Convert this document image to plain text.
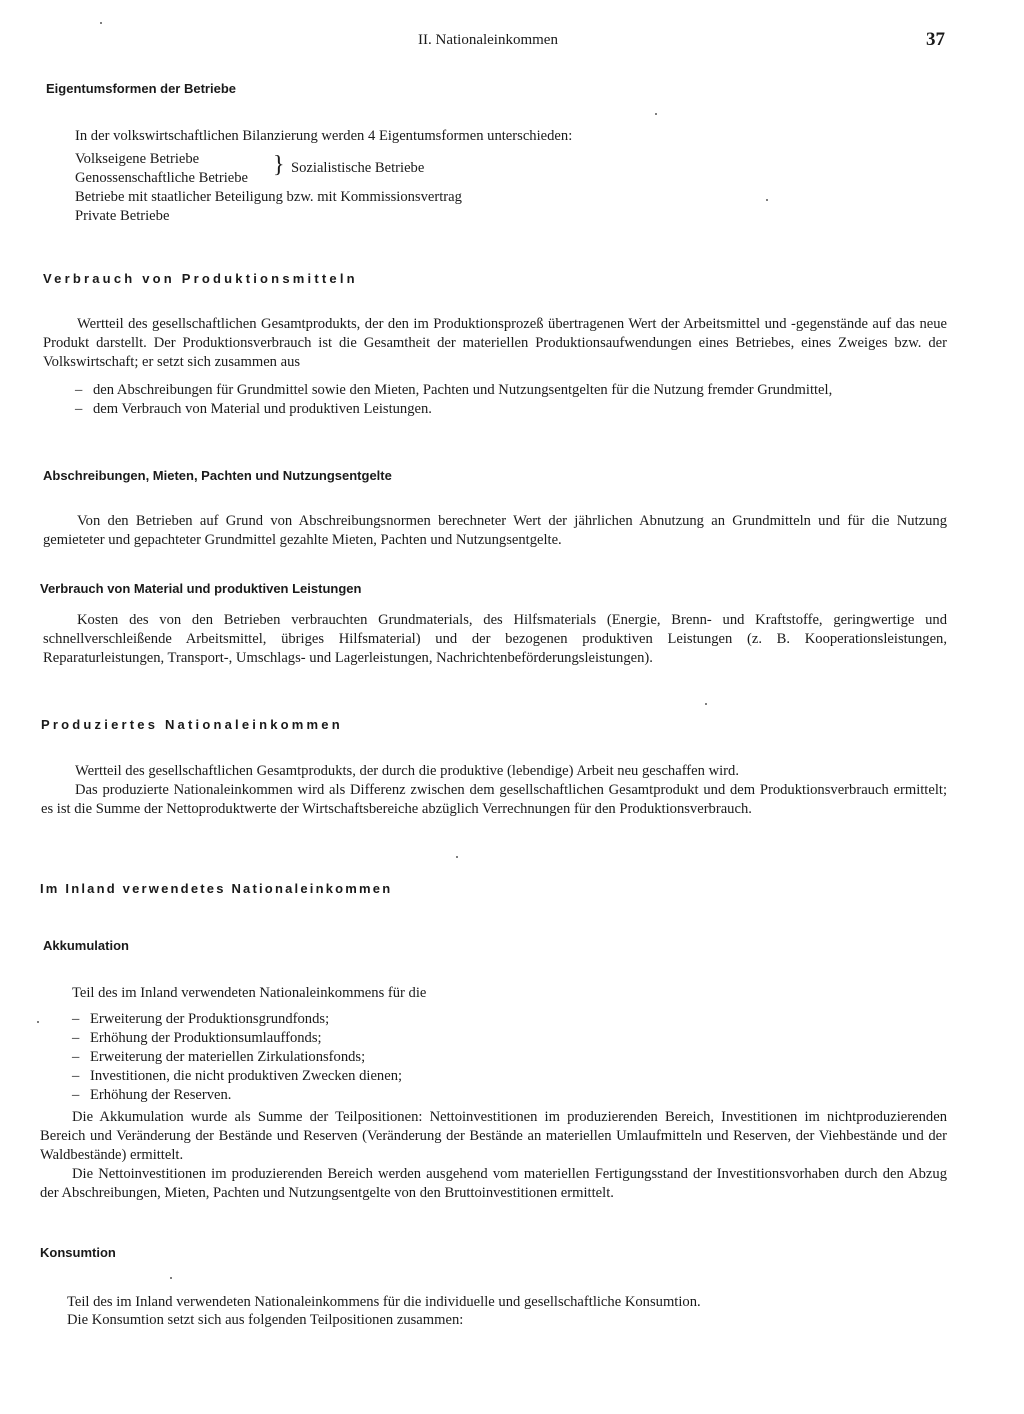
II. Nationaleinkommen	37
Eigentumsformen der Betriebe
In der volkswirtschaftlichen Bilanzierung werden 4 Eigentumsformen unterschieden:
Volkseigene Betriebe
Genossenschaftliche Betriebe } Sozialistische Betriebe
Betriebe mit staatlicher Beteiligung bzw. mit Kommissionsvertrag
Private Betriebe
Verbrauch von Produktionsmitteln
Wertteil des gesellschaftlichen Gesamtprodukts, der den im Produktionsprozeß übertragenen Wert der Arbeitsmittel und -gegenstände auf das neue Produkt darstellt. Der Produktionsverbrauch ist die Gesamtheit der materiellen Produktionsaufwendungen eines Betriebes, eines Zweiges bzw. der Volkswirtschaft; er setzt sich zusammen aus
– den Abschreibungen für Grundmittel sowie den Mieten, Pachten und Nutzungsentgelten für die Nutzung fremder Grundmittel,
– dem Verbrauch von Material und produktiven Leistungen.
Abschreibungen, Mieten, Pachten und Nutzungsentgelte
Von den Betrieben auf Grund von Abschreibungsnormen berechneter Wert der jährlichen Abnutzung an Grundmitteln und für die Nutzung gemieteter und gepachteter Grundmittel gezahlte Mieten, Pachten und Nutzungsentgelte.
Verbrauch von Material und produktiven Leistungen
Kosten des von den Betrieben verbrauchten Grundmaterials, des Hilfsmaterials (Energie, Brenn- und Kraftstoffe, geringwertige und schnellverschleißende Arbeitsmittel, übriges Hilfsmaterial) und der bezogenen produktiven Leistungen (z. B. Kooperationsleistungen, Reparaturleistungen, Transport-, Umschlags- und Lagerleistungen, Nachrichtenbeförderungsleistungen).
Produziertes Nationaleinkommen
Wertteil des gesellschaftlichen Gesamtprodukts, der durch die produktive (lebendige) Arbeit neu geschaffen wird.
Das produzierte Nationaleinkommen wird als Differenz zwischen dem gesellschaftlichen Gesamtprodukt und dem Produktionsverbrauch ermittelt; es ist die Summe der Nettoproduktwerte der Wirtschaftsbereiche abzüglich Verrechnungen für den Produktionsverbrauch.
Im Inland verwendetes Nationaleinkommen
Akkumulation
Teil des im Inland verwendeten Nationaleinkommens für die
– Erweiterung der Produktionsgrundfonds;
– Erhöhung der Produktionsumlauffonds;
– Erweiterung der materiellen Zirkulationsfonds;
– Investitionen, die nicht produktiven Zwecken dienen;
– Erhöhung der Reserven.
Die Akkumulation wurde als Summe der Teilpositionen: Nettoinvestitionen im produzierenden Bereich, Investitionen im nichtproduzierenden Bereich und Veränderung der Bestände und Reserven (Veränderung der Bestände an materiellen Umlaufmitteln und Reserven, der Viehbestände und der Waldbestände) ermittelt.
Die Nettoinvestitionen im produzierenden Bereich werden ausgehend vom materiellen Fertigungsstand der Investitionsvorhaben durch den Abzug der Abschreibungen, Mieten, Pachten und Nutzungsentgelte von den Bruttoinvestitionen ermittelt.
Konsumtion
Teil des im Inland verwendeten Nationaleinkommens für die individuelle und gesellschaftliche Konsumtion.
Die Konsumtion setzt sich aus folgenden Teilpositionen zusammen:
